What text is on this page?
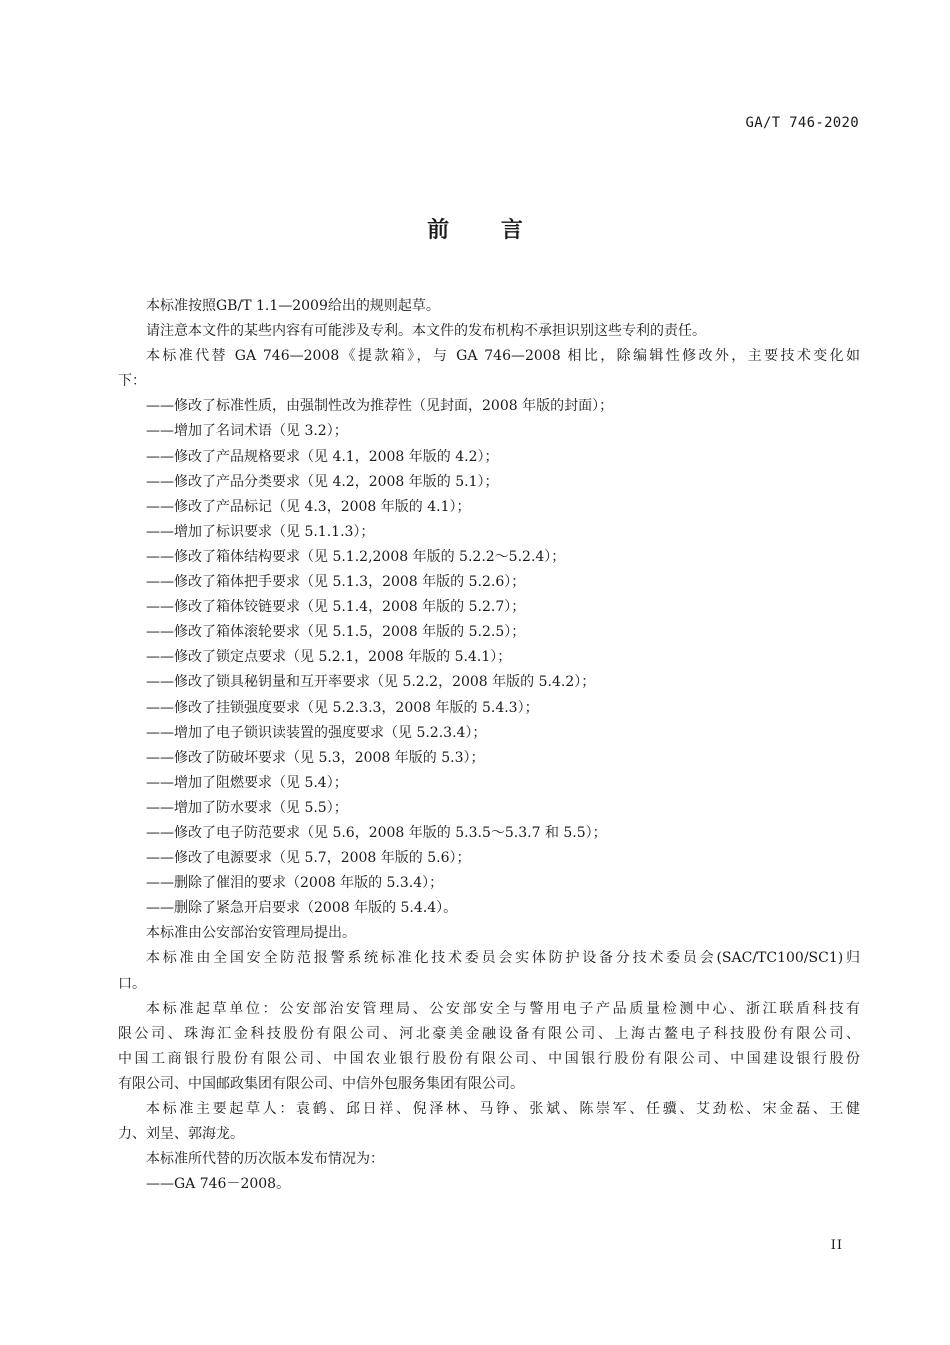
GA/T 746-2020
前 言
本标准按照GB/T 1.1—2009给出的规则起草。
请注意本文件的某些内容有可能涉及专利。本文件的发布机构不承担识别这些专利的责任。
本标准代替 GA 746—2008《提款箱》，与 GA 746—2008 相比，除编辑性修改外，主要技术变化如
下：
——修改了标准性质，由强制性改为推荐性（见封面，2008 年版的封面）；
——增加了名词术语（见 3.2）；
——修改了产品规格要求（见 4.1，2008 年版的 4.2）；
——修改了产品分类要求（见 4.2，2008 年版的 5.1）；
——修改了产品标记（见 4.3，2008 年版的 4.1）；
——增加了标识要求（见 5.1.1.3）；
——修改了箱体结构要求（见 5.1.2,2008 年版的 5.2.2～5.2.4）；
——修改了箱体把手要求（见 5.1.3，2008 年版的 5.2.6）；
——修改了箱体铰链要求（见 5.1.4，2008 年版的 5.2.7）；
——修改了箱体滚轮要求（见 5.1.5，2008 年版的 5.2.5）；
——修改了锁定点要求（见 5.2.1，2008 年版的 5.4.1）；
——修改了锁具秘钥量和互开率要求（见 5.2.2，2008 年版的 5.4.2）；
——修改了挂锁强度要求（见 5.2.3.3，2008 年版的 5.4.3）；
——增加了电子锁识读装置的强度要求（见 5.2.3.4）；
——修改了防破坏要求（见 5.3，2008 年版的 5.3）；
——增加了阻燃要求（见 5.4）；
——增加了防水要求（见 5.5）；
——修改了电子防范要求（见 5.6，2008 年版的 5.3.5～5.3.7 和 5.5）；
——修改了电源要求（见 5.7，2008 年版的 5.6）；
——删除了催泪的要求（2008 年版的 5.3.4）；
——删除了紧急开启要求（2008 年版的 5.4.4）。
本标准由公安部治安管理局提出。
本标准由全国安全防范报警系统标准化技术委员会实体防护设备分技术委员会(SAC/TC100/SC1)归
口。
本标准起草单位：公安部治安管理局、公安部安全与警用电子产品质量检测中心、浙江联盾科技有
限公司、珠海汇金科技股份有限公司、河北豪美金融设备有限公司、上海古鳌电子科技股份有限公司、
中国工商银行股份有限公司、中国农业银行股份有限公司、中国银行股份有限公司、中国建设银行股份
有限公司、中国邮政集团有限公司、中信外包服务集团有限公司。
本标准主要起草人：袁鹤、邱日祥、倪泽林、马铮、张斌、陈崇军、任骥、艾劲松、宋金磊、王健
力、刘呈、郭海龙。
本标准所代替的历次版本发布情况为：
——GA 746－2008。
II
